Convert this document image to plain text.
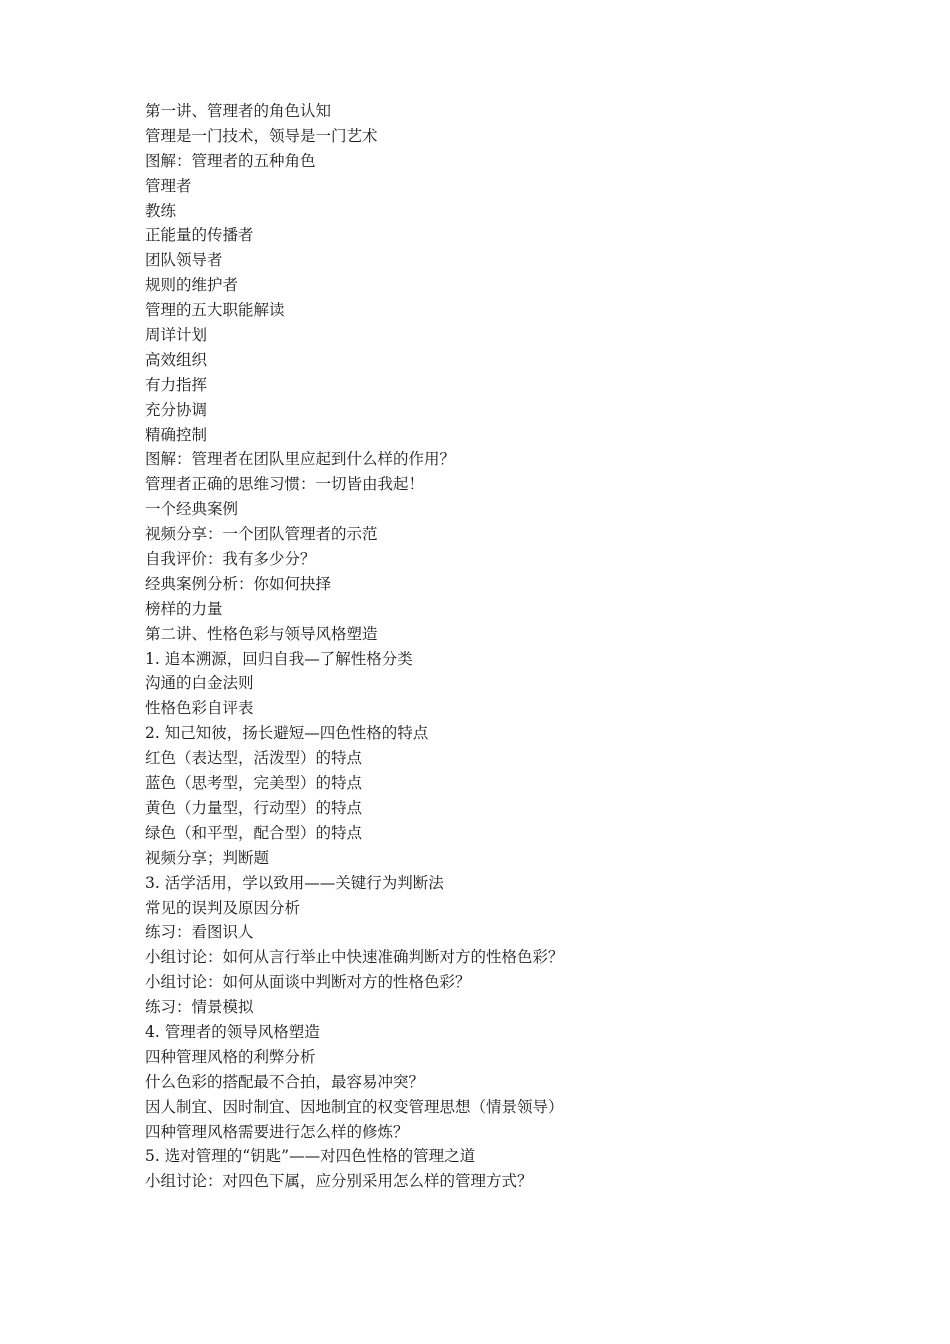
第一讲、管理者的角色认知
管理是一门技术，领导是一门艺术
图解：管理者的五种角色
管理者
教练
正能量的传播者
团队领导者
规则的维护者
管理的五大职能解读
周详计划
高效组织
有力指挥
充分协调
精确控制
图解：管理者在团队里应起到什么样的作用？
管理者正确的思维习惯：一切皆由我起！
一个经典案例
视频分享：一个团队管理者的示范
自我评价：我有多少分？
经典案例分析：你如何抉择
榜样的力量
第二讲、性格色彩与领导风格塑造
1. 追本溯源，回归自我—了解性格分类
沟通的白金法则
性格色彩自评表
2. 知己知彼，扬长避短—四色性格的特点
红色（表达型，活泼型）的特点
蓝色（思考型，完美型）的特点
黄色（力量型，行动型）的特点
绿色（和平型，配合型）的特点
视频分享；判断题
3. 活学活用，学以致用——关键行为判断法
常见的误判及原因分析
练习：看图识人
小组讨论：如何从言行举止中快速准确判断对方的性格色彩？
小组讨论：如何从面谈中判断对方的性格色彩？
练习：情景模拟
4. 管理者的领导风格塑造
四种管理风格的利弊分析
什么色彩的搭配最不合拍，最容易冲突？
因人制宜、因时制宜、因地制宜的权变管理思想（情景领导）
四种管理风格需要进行怎么样的修炼？
5. 选对管理的“钥匙”——对四色性格的管理之道
小组讨论：对四色下属，应分别采用怎么样的管理方式？
